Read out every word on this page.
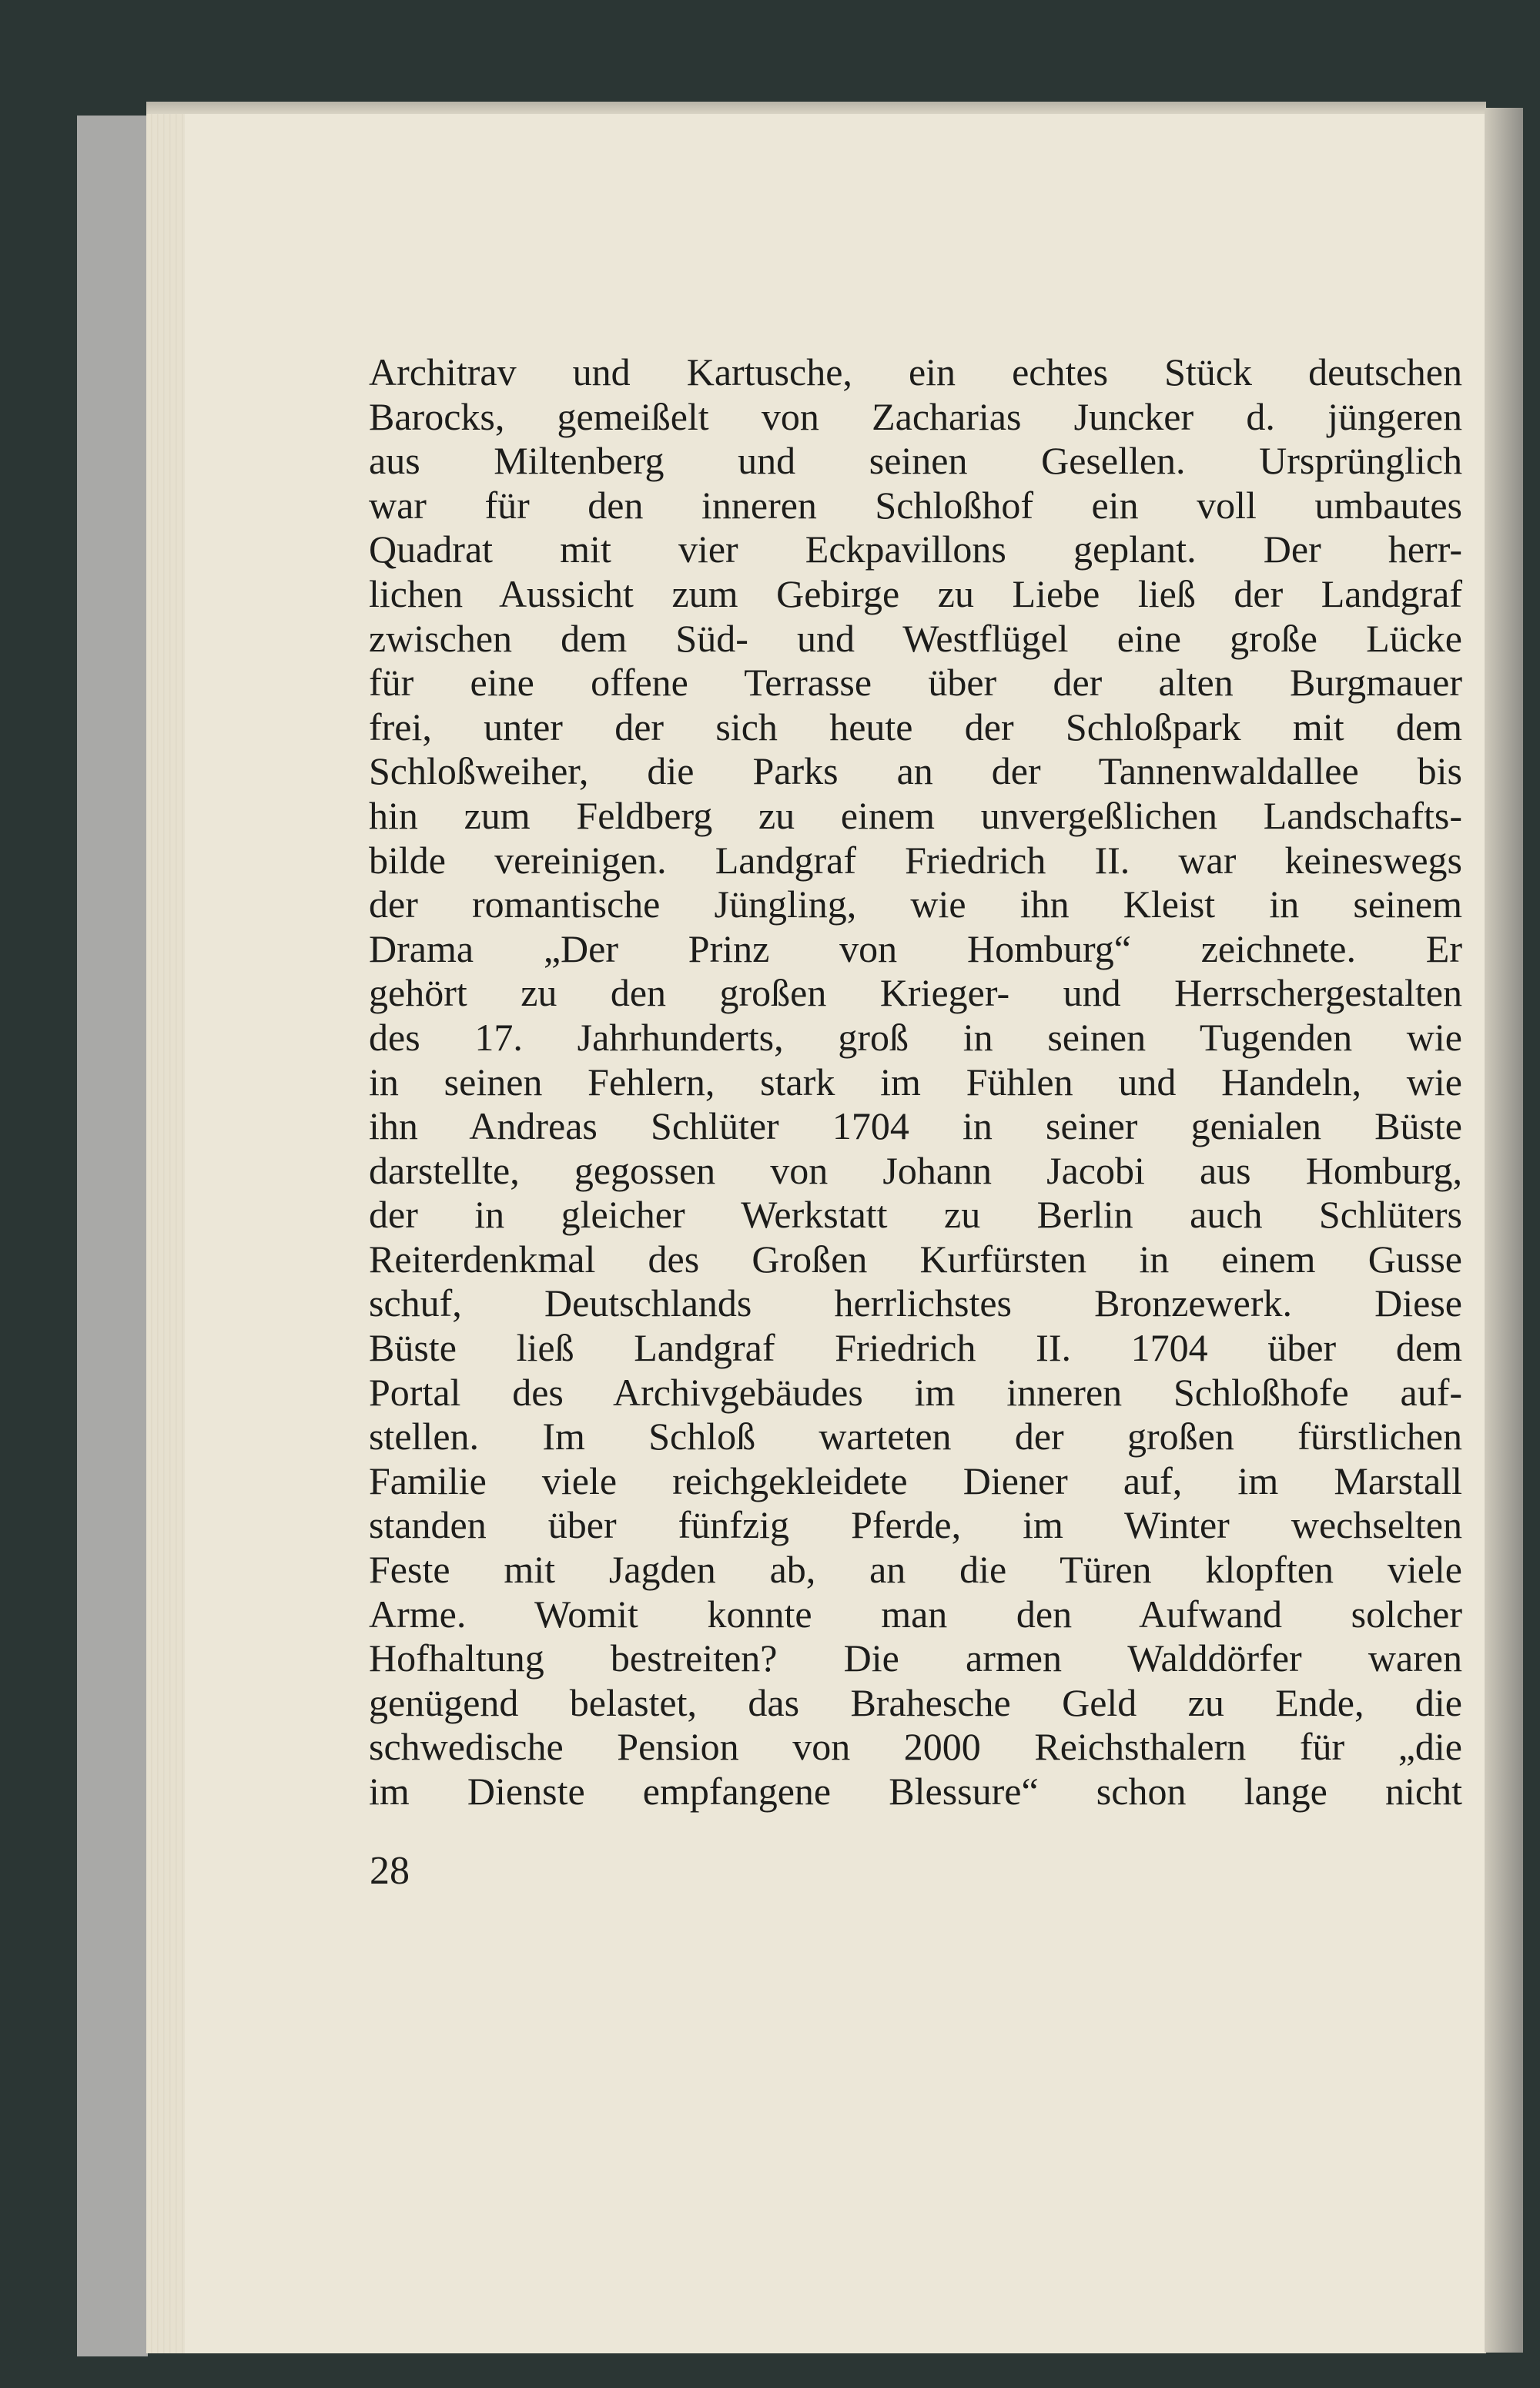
Architrav und Kartusche, ein echtes Stück deutschen
Barocks, gemeißelt von Zacharias Juncker d. jüngeren
aus Miltenberg und seinen Gesellen. Ursprünglich
war für den inneren Schloßhof ein voll umbautes
Quadrat mit vier Eckpavillons geplant. Der herr-
lichen Aussicht zum Gebirge zu Liebe ließ der Landgraf
zwischen dem Süd- und Westflügel eine große Lücke
für eine offene Terrasse über der alten Burgmauer
frei, unter der sich heute der Schloßpark mit dem
Schloßweiher, die Parks an der Tannenwaldallee bis
hin zum Feldberg zu einem unvergeßlichen Landschafts-
bilde vereinigen. Landgraf Friedrich II. war keineswegs
der romantische Jüngling, wie ihn Kleist in seinem
Drama „Der Prinz von Homburg“ zeichnete. Er
gehört zu den großen Krieger- und Herrschergestalten
des 17. Jahrhunderts, groß in seinen Tugenden wie
in seinen Fehlern, stark im Fühlen und Handeln, wie
ihn Andreas Schlüter 1704 in seiner genialen Büste
darstellte, gegossen von Johann Jacobi aus Homburg,
der in gleicher Werkstatt zu Berlin auch Schlüters
Reiterdenkmal des Großen Kurfürsten in einem Gusse
schuf, Deutschlands herrlichstes Bronzewerk. Diese
Büste ließ Landgraf Friedrich II. 1704 über dem
Portal des Archivgebäudes im inneren Schloßhofe auf-
stellen. Im Schloß warteten der großen fürstlichen
Familie viele reichgekleidete Diener auf, im Marstall
standen über fünfzig Pferde, im Winter wechselten
Feste mit Jagden ab, an die Türen klopften viele
Arme. Womit konnte man den Aufwand solcher
Hofhaltung bestreiten? Die armen Walddörfer waren
genügend belastet, das Brahesche Geld zu Ende, die
schwedische Pension von 2000 Reichsthalern für „die
im Dienste empfangene Blessure“ schon lange nicht
28
